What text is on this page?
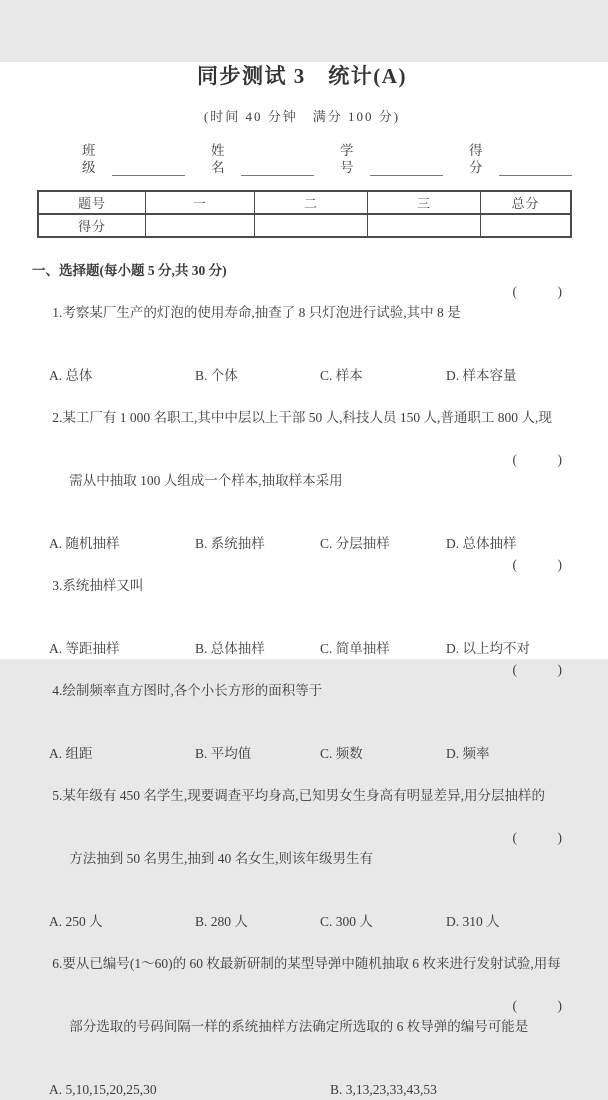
同步测试 3　统计(A)
(时间 40 分钟　满分 100 分)
班级
姓名
学号
得分
题号	一	二	三	总分
得分				
一、选择题(每小题 5 分,共 30 分)

1.考察某厂生产的灯泡的使用寿命,抽查了 8 只灯泡进行试验,其中 8 是

(            )

A. 总体	B. 个体	C. 样本	D. 样本容量

2.某工厂有 1 000 名职工,其中中层以上干部 50 人,科技人员 150 人,普通职工 800 人,现

需从中抽取 100 人组成一个样本,抽取样本采用

(            )

A. 随机抽样	B. 系统抽样	C. 分层抽样	D. 总体抽样

3.系统抽样又叫

(            )

A. 等距抽样	B. 总体抽样	C. 简单抽样	D. 以上均不对

4.绘制频率直方图时,各个小长方形的面积等于

(            )

A. 组距	B. 平均值	C. 频数	D. 频率

5.某年级有 450 名学生,现要调查平均身高,已知男女生身高有明显差异,用分层抽样的

方法抽到 50 名男生,抽到 40 名女生,则该年级男生有

(            )

A. 250 人	B. 280 人	C. 300 人	D. 310 人

6.要从已编号(1～60)的 60 枚最新研制的某型导弹中随机抽取 6 枚来进行发射试验,用每

部分选取的号码间隔一样的系统抽样方法确定所选取的 6 枚导弹的编号可能是

(            )

A. 5,10,15,20,25,30	B. 3,13,23,33,43,53
